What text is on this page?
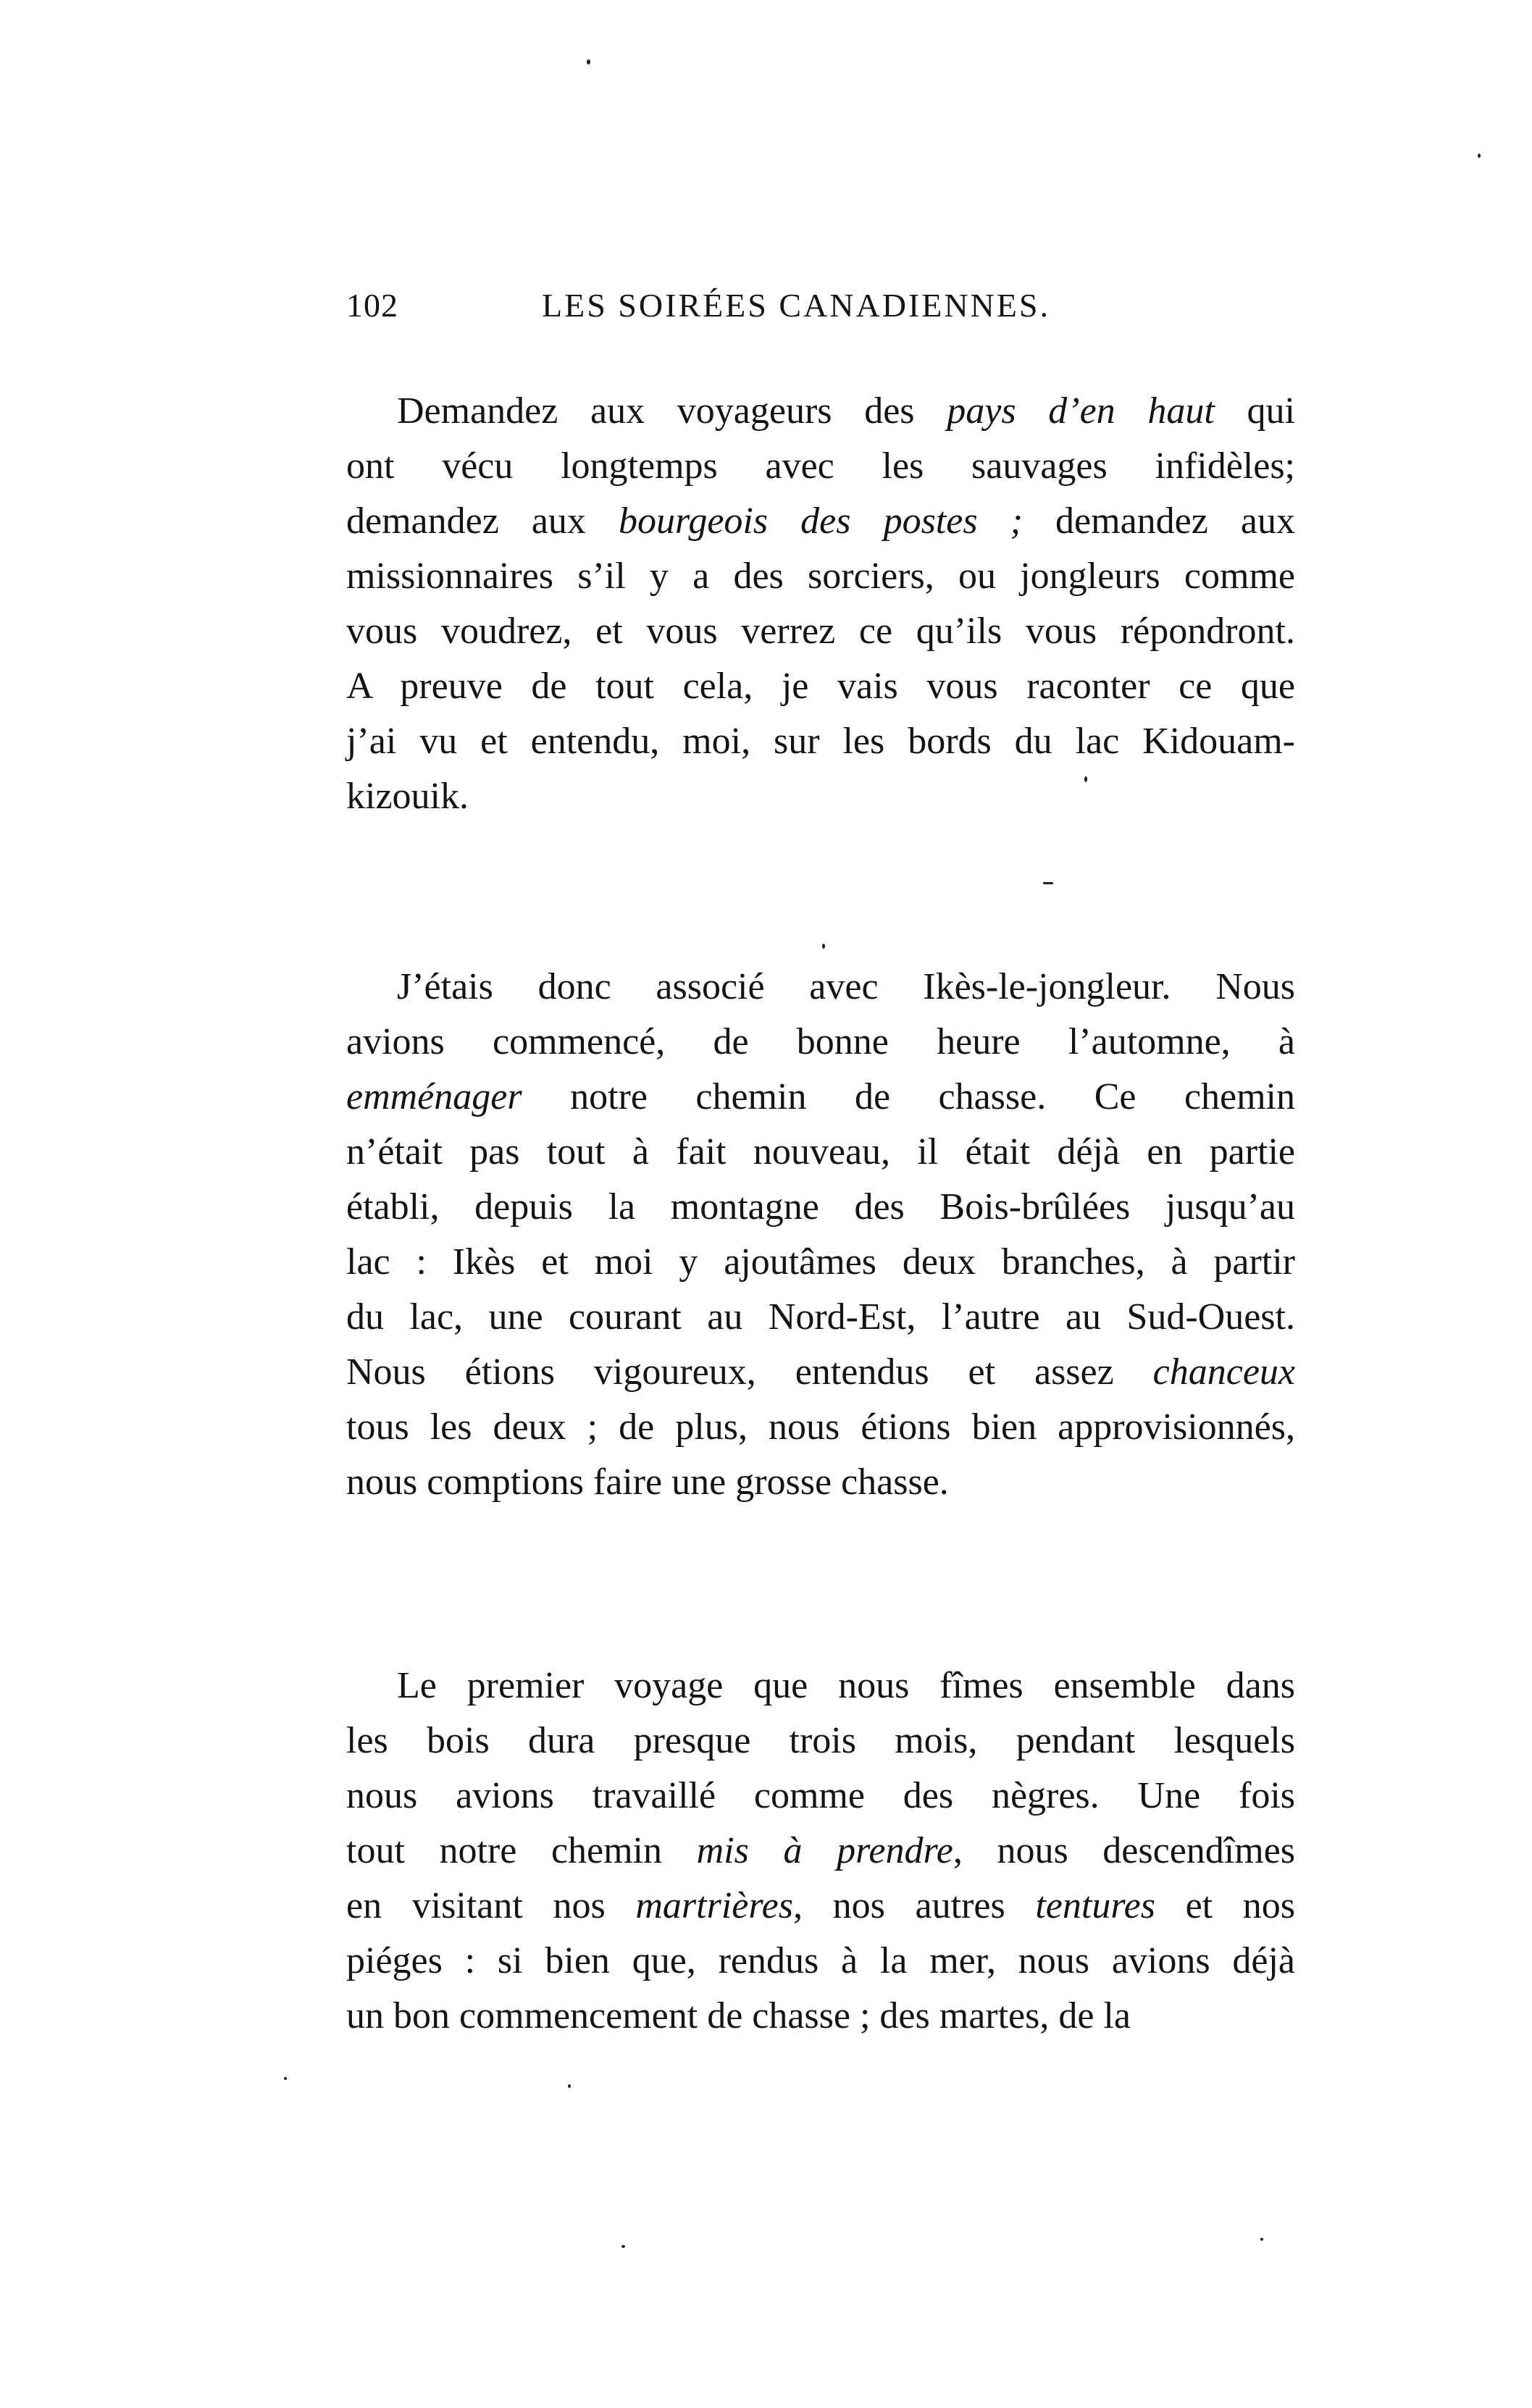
102	LES SOIRÉES CANADIENNES.
Demandez aux voyageurs des pays d’en haut qui
ont vécu longtemps avec les sauvages infidèles;
demandez aux bourgeois des postes ; demandez aux
missionnaires s’il y a des sorciers, ou jongleurs comme
vous voudrez, et vous verrez ce qu’ils vous répondront.
A preuve de tout cela, je vais vous raconter ce que
j’ai vu et entendu, moi, sur les bords du lac Kidouam-
kizouik.
J’étais donc associé avec Ikès-le-jongleur. Nous
avions commencé, de bonne heure l’automne, à
emménager notre chemin de chasse. Ce chemin
n’était pas tout à fait nouveau, il était déjà en partie
établi, depuis la montagne des Bois-brûlées jusqu’au
lac : Ikès et moi y ajoutâmes deux branches, à partir
du lac, une courant au Nord-Est, l’autre au Sud-Ouest.
Nous étions vigoureux, entendus et assez chanceux
tous les deux ; de plus, nous étions bien approvisionnés,
nous comptions faire une grosse chasse.
Le premier voyage que nous fîmes ensemble dans
les bois dura presque trois mois, pendant lesquels
nous avions travaillé comme des nègres. Une fois
tout notre chemin mis à prendre, nous descendîmes
en visitant nos martrières, nos autres tentures et nos
piéges : si bien que, rendus à la mer, nous avions déjà
un bon commencement de chasse ; des martes, de la
